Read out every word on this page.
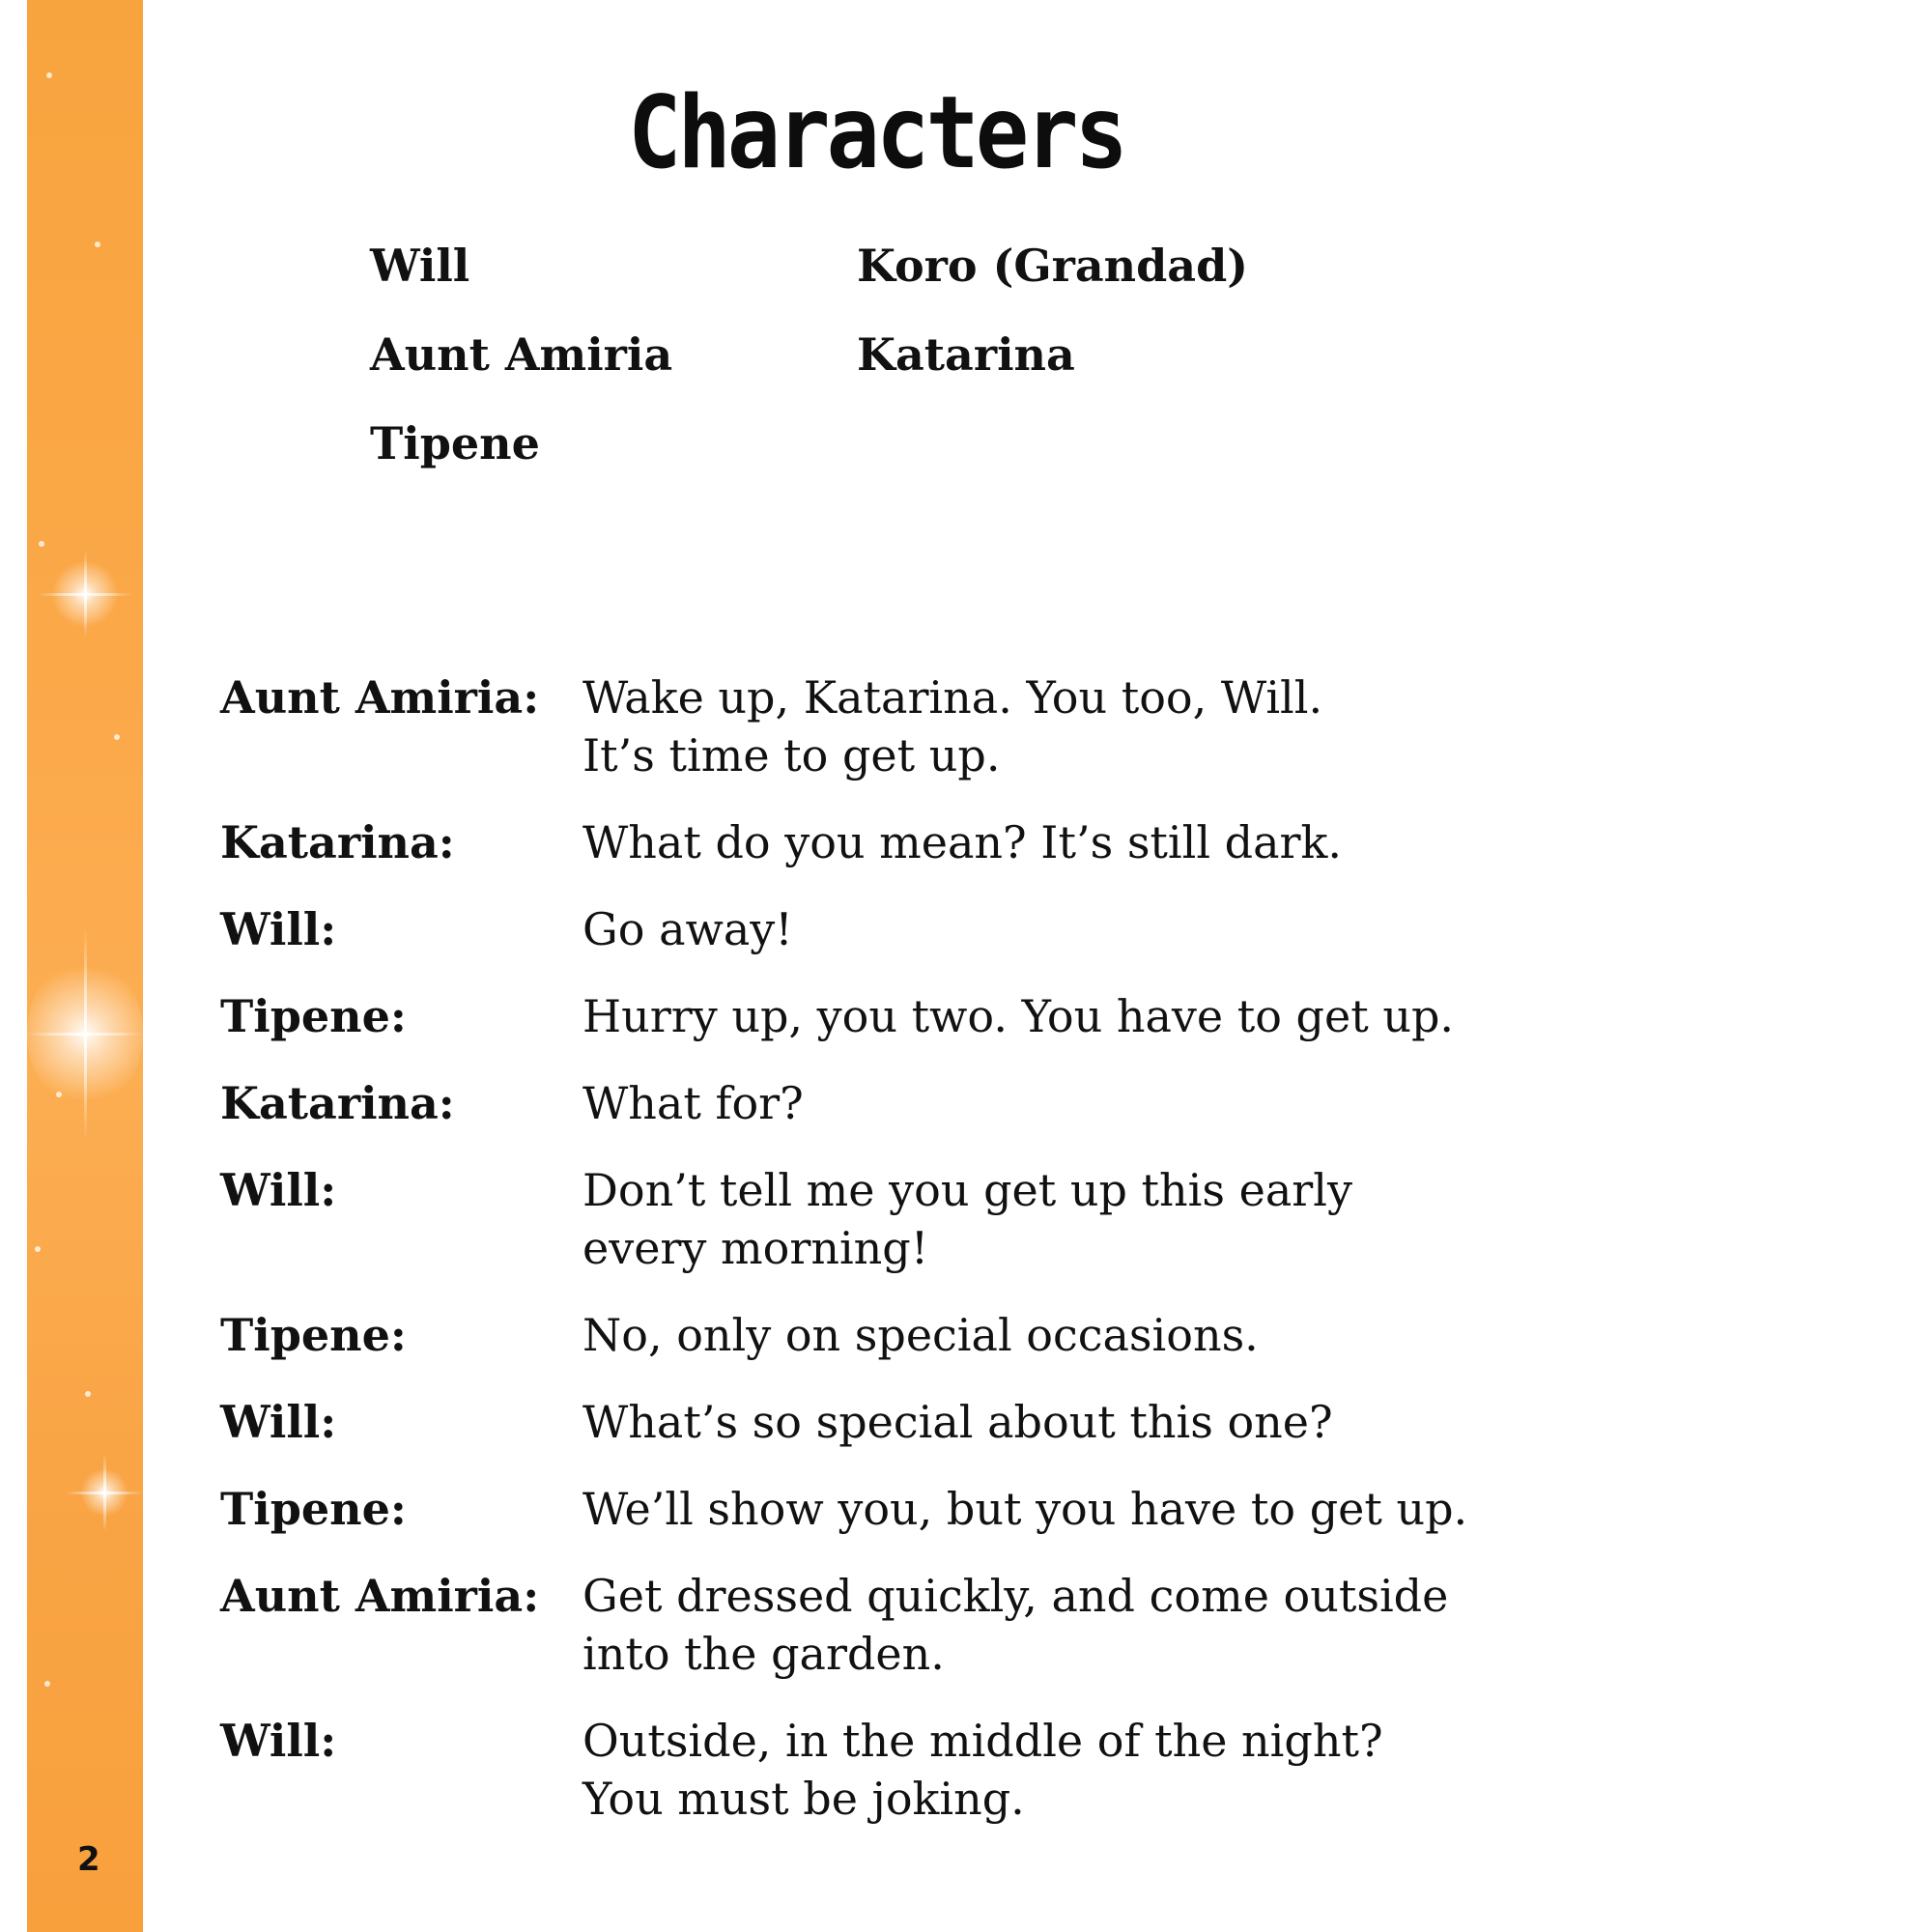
2
Characters
Will	Koro (Grandad)
Aunt Amiria	Katarina
Tipene
Aunt Amiria: Wake up, Katarina. You too, Will.
It’s time to get up.
Katarina:	What do you mean? It’s still dark.
Will:	Go away!
Tipene:	Hurry up, you two. You have to get up.
Katarina:	What for?
Will:	Don’t tell me you get up this early
every morning!
Tipene:	No, only on special occasions.
Will:	What’s so special about this one?
Tipene:	We’ll show you, but you have to get up.
Aunt Amiria: Get dressed quickly, and come outside
into the garden.
Will:	Outside, in the middle of the night?
You must be joking.
